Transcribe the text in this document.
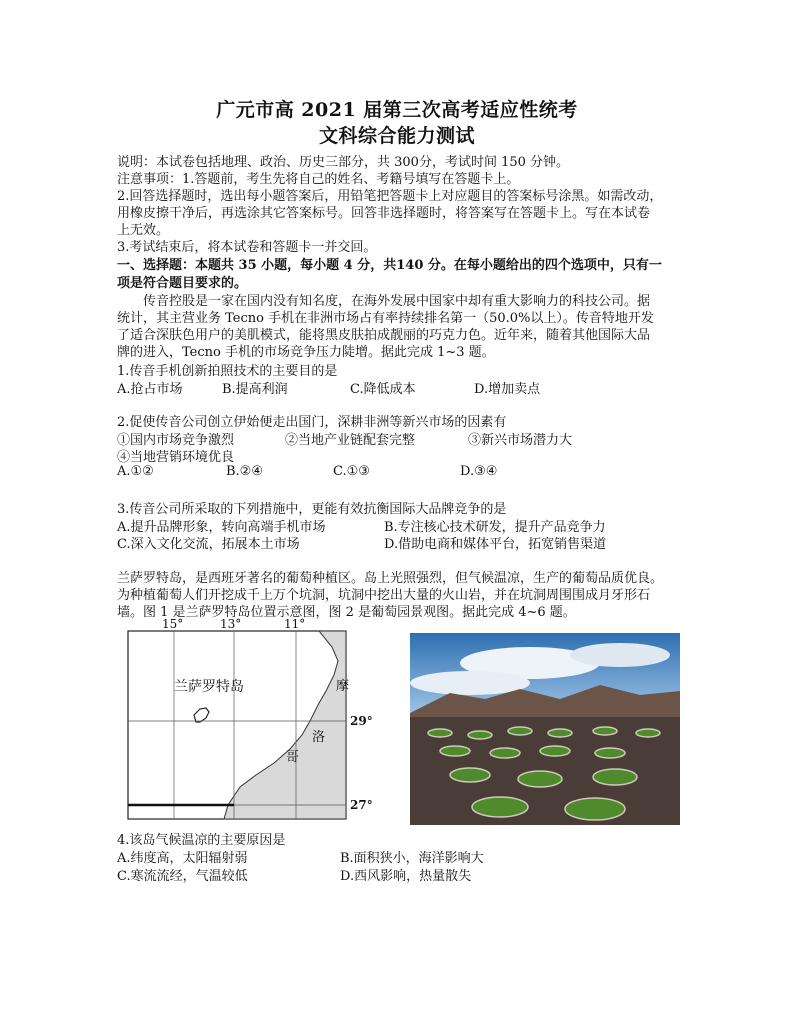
广元市高 2021 届第三次高考适应性统考
文科综合能力测试
说明：本试卷包括地理、政治、历史三部分，共 300分，考试时间 150 分钟。
注意事项：1.答题前，考生先将自己的姓名、考籍号填写在答题卡上。
2.回答选择题时，选出每小题答案后，用铅笔把答题卡上对应题目的答案标号涂黑。如需改动，
用橡皮擦干净后，再选涂其它答案标号。回答非选择题时，将答案写在答题卡上。写在本试卷
上无效。
3.考试结束后，将本试卷和答题卡一并交回。
一、选择题：本题共 35 小题，每小题 4 分，共140 分。在每小题给出的四个选项中，只有一
项是符合题目要求的。
　　传音控股是一家在国内没有知名度，在海外发展中国家中却有重大影响力的科技公司。据
统计，其主营业务 Tecno 手机在非洲市场占有率持续排名第一（50.0%以上）。传音特地开发
了适合深肤色用户的美肌模式，能将黑皮肤拍成靓丽的巧克力色。近年来，随着其他国际大品
牌的进入，Tecno 手机的市场竞争压力陡增。据此完成 1~3 题。
1.传音手机创新拍照技术的主要目的是
A.抢占市场	B.提高利润	C.降低成本	D.增加卖点
2.促使传音公司创立伊始便走出国门，深耕非洲等新兴市场的因素有
①国内市场竞争激烈	②当地产业链配套完整	③新兴市场潜力大
④当地营销环境优良
A.①②	B.②④	C.①③	D.③④
3.传音公司所采取的下列措施中，更能有效抗衡国际大品牌竞争的是
A.提升品牌形象，转向高端手机市场	B.专注核心技术研发，提升产品竞争力
C.深入文化交流，拓展本土市场	D.借助电商和媒体平台，拓宽销售渠道
兰萨罗特岛，是西班牙著名的葡萄种植区。岛上光照强烈，但气候温凉，生产的葡萄品质优良。
为种植葡萄人们开挖成千上万个坑洞，坑洞中挖出大量的火山岩，并在坑洞周围围成月牙形石
墙。图 1 是兰萨罗特岛位置示意图，图 2 是葡萄园景观图。据此完成 4~6 题。
15°	13°	11°
29°
27°
兰萨罗特岛	摩
洛
哥
4.该岛气候温凉的主要原因是
A.纬度高，太阳辐射弱	B.面积狭小，海洋影响大
C.寒流流经，气温较低	D.西风影响，热量散失
